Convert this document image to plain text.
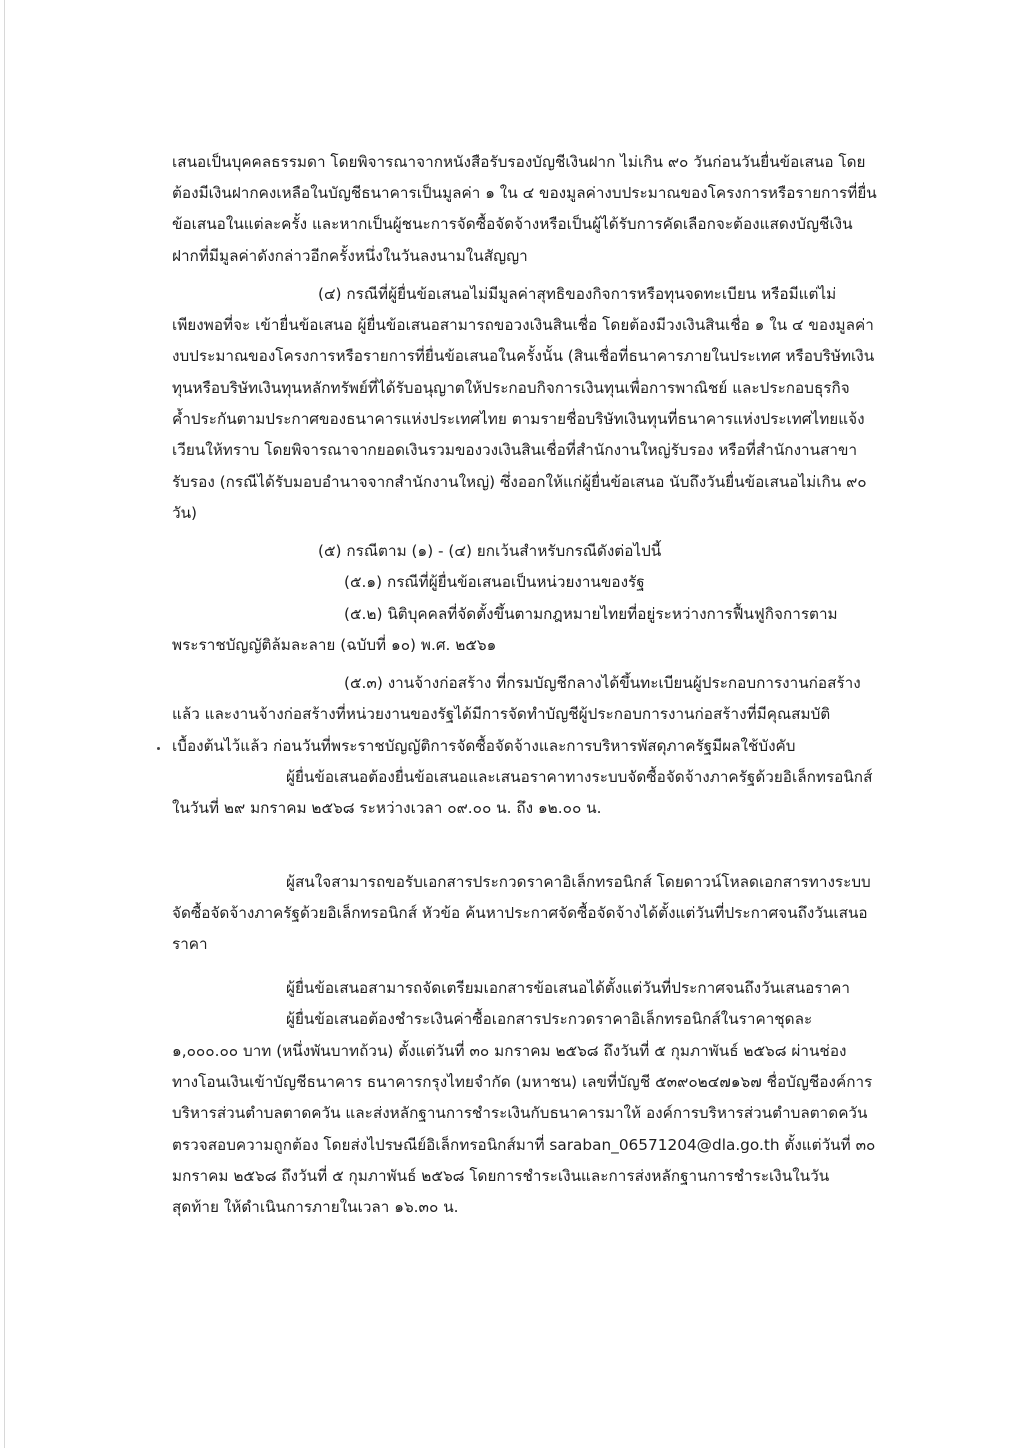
เสนอเป็นบุคคลธรรมดา โดยพิจารณาจากหนังสือรับรองบัญชีเงินฝาก ไม่เกิน ๙๐ วันก่อนวันยื่นข้อเสนอ โดย
ต้องมีเงินฝากคงเหลือในบัญชีธนาคารเป็นมูลค่า ๑ ใน ๔ ของมูลค่างบประมาณของโครงการหรือรายการที่ยื่น
ข้อเสนอในแต่ละครั้ง และหากเป็นผู้ชนะการจัดซื้อจัดจ้างหรือเป็นผู้ได้รับการคัดเลือกจะต้องแสดงบัญชีเงิน
ฝากที่มีมูลค่าดังกล่าวอีกครั้งหนึ่งในวันลงนามในสัญญา
(๔) กรณีที่ผู้ยื่นข้อเสนอไม่มีมูลค่าสุทธิของกิจการหรือทุนจดทะเบียน หรือมีแต่ไม่
เพียงพอที่จะ เข้ายื่นข้อเสนอ ผู้ยื่นข้อเสนอสามารถขอวงเงินสินเชื่อ โดยต้องมีวงเงินสินเชื่อ ๑ ใน ๔ ของมูลค่า
งบประมาณของโครงการหรือรายการที่ยื่นข้อเสนอในครั้งนั้น (สินเชื่อที่ธนาคารภายในประเทศ หรือบริษัทเงิน
ทุนหรือบริษัทเงินทุนหลักทรัพย์ที่ได้รับอนุญาตให้ประกอบกิจการเงินทุนเพื่อการพาณิชย์ และประกอบธุรกิจ
ค้ำประกันตามประกาศของธนาคารแห่งประเทศไทย ตามรายชื่อบริษัทเงินทุนที่ธนาคารแห่งประเทศไทยแจ้ง
เวียนให้ทราบ โดยพิจารณาจากยอดเงินรวมของวงเงินสินเชื่อที่สำนักงานใหญ่รับรอง หรือที่สำนักงานสาขา
รับรอง (กรณีได้รับมอบอำนาจจากสำนักงานใหญ่) ซึ่งออกให้แก่ผู้ยื่นข้อเสนอ นับถึงวันยื่นข้อเสนอไม่เกิน ๙๐
วัน)
(๕) กรณีตาม (๑) - (๔) ยกเว้นสำหรับกรณีดังต่อไปนี้
(๕.๑) กรณีที่ผู้ยื่นข้อเสนอเป็นหน่วยงานของรัฐ
(๕.๒) นิติบุคคลที่จัดตั้งขึ้นตามกฎหมายไทยที่อยู่ระหว่างการฟื้นฟูกิจการตาม
พระราชบัญญัติล้มละลาย (ฉบับที่ ๑๐) พ.ศ. ๒๕๖๑
(๕.๓) งานจ้างก่อสร้าง ที่กรมบัญชีกลางได้ขึ้นทะเบียนผู้ประกอบการงานก่อสร้าง
แล้ว และงานจ้างก่อสร้างที่หน่วยงานของรัฐได้มีการจัดทำบัญชีผู้ประกอบการงานก่อสร้างที่มีคุณสมบัติ
เบื้องต้นไว้แล้ว ก่อนวันที่พระราชบัญญัติการจัดซื้อจัดจ้างและการบริหารพัสดุภาครัฐมีผลใช้บังคับ
ผู้ยื่นข้อเสนอต้องยื่นข้อเสนอและเสนอราคาทางระบบจัดซื้อจัดจ้างภาครัฐด้วยอิเล็กทรอนิกส์
ในวันที่ ๒๙ มกราคม ๒๕๖๘ ระหว่างเวลา ๐๙.๐๐ น. ถึง ๑๒.๐๐ น.
ผู้สนใจสามารถขอรับเอกสารประกวดราคาอิเล็กทรอนิกส์ โดยดาวน์โหลดเอกสารทางระบบ
จัดซื้อจัดจ้างภาครัฐด้วยอิเล็กทรอนิกส์ หัวข้อ ค้นหาประกาศจัดซื้อจัดจ้างได้ตั้งแต่วันที่ประกาศจนถึงวันเสนอ
ราคา
ผู้ยื่นข้อเสนอสามารถจัดเตรียมเอกสารข้อเสนอได้ตั้งแต่วันที่ประกาศจนถึงวันเสนอราคา
ผู้ยื่นข้อเสนอต้องชำระเงินค่าซื้อเอกสารประกวดราคาอิเล็กทรอนิกส์ในราคาชุดละ
๑,๐๐๐.๐๐ บาท (หนึ่งพันบาทถ้วน) ตั้งแต่วันที่ ๓๐ มกราคม ๒๕๖๘ ถึงวันที่ ๕ กุมภาพันธ์ ๒๕๖๘ ผ่านช่อง
ทางโอนเงินเข้าบัญชีธนาคาร ธนาคารกรุงไทยจำกัด (มหาชน) เลขที่บัญชี ๕๓๙๐๒๔๗๑๖๗ ชื่อบัญชีองค์การ
บริหารส่วนตำบลตาดควัน และส่งหลักฐานการชำระเงินกับธนาคารมาให้ องค์การบริหารส่วนตำบลตาดควัน
ตรวจสอบความถูกต้อง โดยส่งไปรษณีย์อิเล็กทรอนิกส์มาที่ saraban_06571204@dla.go.th ตั้งแต่วันที่ ๓๐
มกราคม ๒๕๖๘ ถึงวันที่ ๕ กุมภาพันธ์ ๒๕๖๘ โดยการชำระเงินและการส่งหลักฐานการชำระเงินในวัน
สุดท้าย ให้ดำเนินการภายในเวลา ๑๖.๓๐ น.
